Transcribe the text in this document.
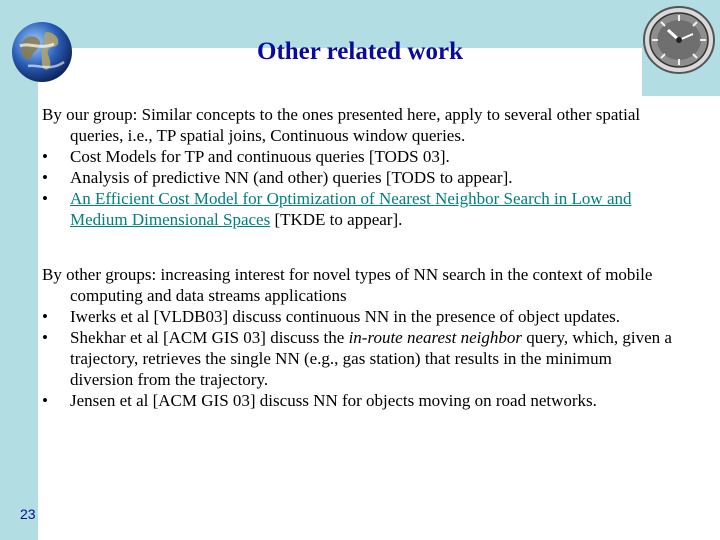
Other related work

By our group: Similar concepts to the ones presented here, apply to several other spatial queries, i.e., TP spatial joins, Continuous window queries.

• Cost Models for TP and continuous queries [TODS 03].
• Analysis of predictive NN (and other) queries [TODS to appear].
• An Efficient Cost Model for Optimization of Nearest Neighbor Search in Low and Medium Dimensional Spaces [TKDE to appear].

By other groups: increasing interest for novel types of NN search in the context of mobile computing and data streams applications

• Iwerks et al [VLDB03] discuss continuous NN in the presence of object updates.
• Shekhar et al [ACM GIS 03] discuss the in-route nearest neighbor query, which, given a trajectory, retrieves the single NN (e.g., gas station) that results in the minimum diversion from the trajectory.
• Jensen et al [ACM GIS 03] discuss NN for objects moving on road networks.
23
